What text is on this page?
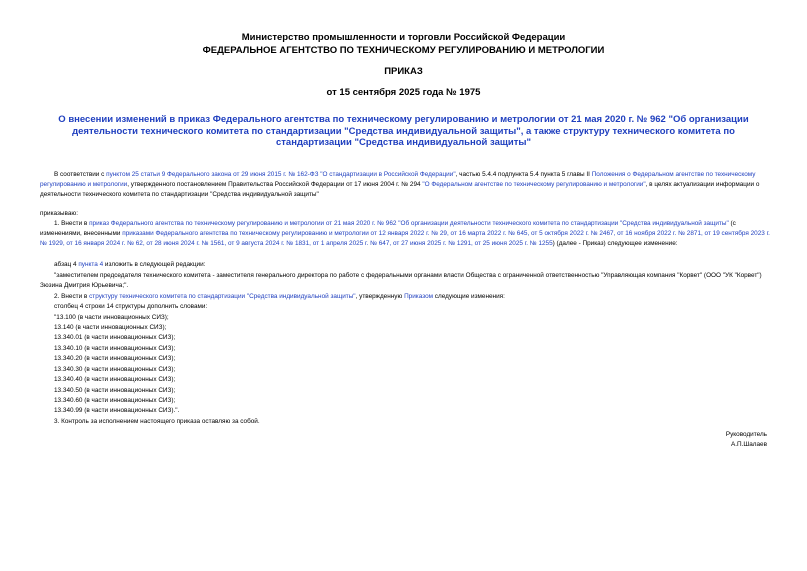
Министерство промышленности и торговли Российской Федерации
ФЕДЕРАЛЬНОЕ АГЕНТСТВО ПО ТЕХНИЧЕСКОМУ РЕГУЛИРОВАНИЮ И МЕТРОЛОГИИ
ПРИКАЗ
от 15 сентября 2025 года № 1975
О внесении изменений в приказ Федерального агентства по техническому регулированию и метрологии от 21 мая 2020 г. № 962 "Об организации деятельности технического комитета по стандартизации "Средства индивидуальной защиты", а также структуру технического комитета по стандартизации "Средства индивидуальной защиты"
В соответствии с пунктом 25 статьи 9 Федерального закона от 29 июня 2015 г. № 162-ФЗ "О стандартизации в Российской Федерации", частью 5.4.4 подпункта 5.4 пункта 5 главы II Положения о Федеральном агентстве по техническому регулированию и метрологии, утвержденного постановлением Правительства Российской Федерации от 17 июня 2004 г. № 294 "О Федеральном агентстве по техническому регулированию и метрологии", в целях актуализации информации о деятельности технического комитета по стандартизации "Средства индивидуальной защиты"
приказываю:
1. Внести в приказ Федерального агентства по техническому регулированию и метрологии от 21 мая 2020 г. № 962 "Об организации деятельности технического комитета по стандартизации "Средства индивидуальной защиты" (с изменениями, внесенными приказами Федерального агентства по техническому регулированию и метрологии от 12 января 2022 г. № 29, от 16 марта 2022 г. № 645, от 5 октября 2022 г. № 2467, от 16 ноября 2022 г. № 2871, от 19 сентября 2023 г. № 1929, от 16 января 2024 г. № 62, от 28 июня 2024 г. № 1561, от 9 августа 2024 г. № 1831, от 1 апреля 2025 г. № 647, от 27 июня 2025 г. № 1291, от 25 июня 2025 г. № 1255) (далее - Приказ) следующее изменение:
абзац 4 пункта 4 изложить в следующей редакции:
"заместителем председателя технического комитета - заместителя генерального директора по работе с федеральными органами власти Общества с ограниченной ответственностью "Управляющая компания "Корвет" (ООО "УК "Корвет") Зюзина Дмитрия Юрьевича;".
2. Внести в структуру технического комитета по стандартизации "Средства индивидуальной защиты", утвержденную Приказом следующие изменения:
столбец 4 строки 14 структуры дополнить словами:
"13.100 (в части инновационных СИЗ);
13.140 (в части инновационных СИЗ);
13.340.01 (в части инновационных СИЗ);
13.340.10 (в части инновационных СИЗ);
13.340.20 (в части инновационных СИЗ);
13.340.30 (в части инновационных СИЗ);
13.340.40 (в части инновационных СИЗ);
13.340.50 (в части инновационных СИЗ);
13.340.60 (в части инновационных СИЗ);
13.340.99 (в части инновационных СИЗ).".
3. Контроль за исполнением настоящего приказа оставляю за собой.
Руководитель
А.П.Шалаев
